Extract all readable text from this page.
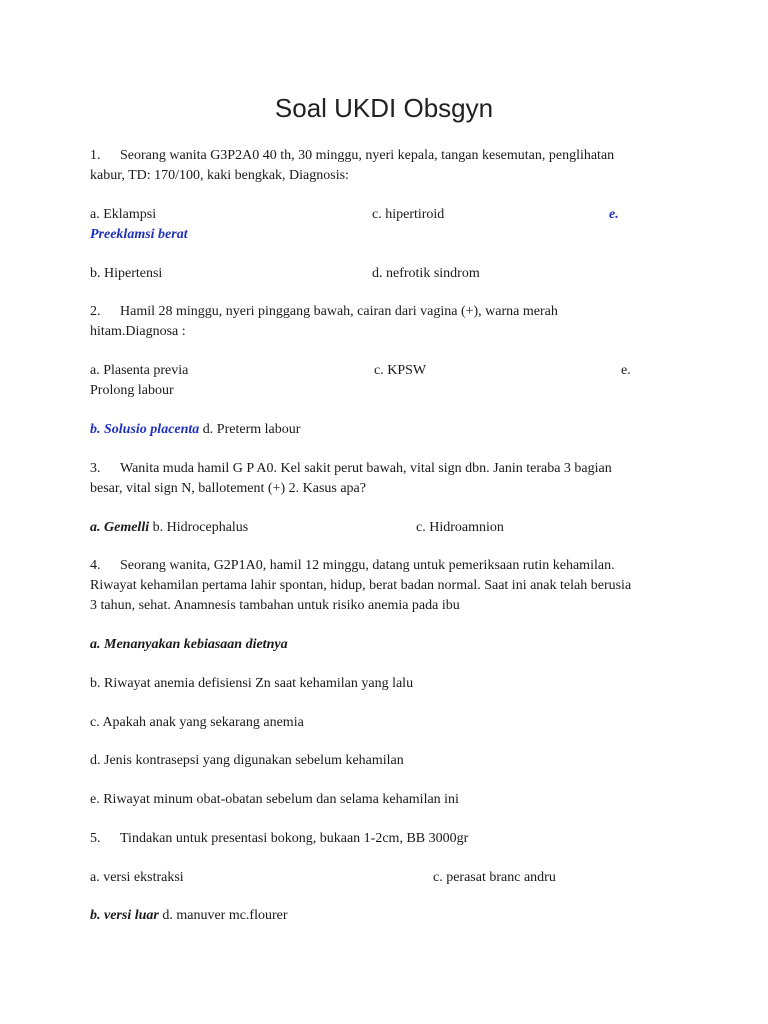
Soal UKDI Obsgyn
1. Seorang wanita G3P2A0 40 th, 30 minggu, nyeri kepala, tangan kesemutan, penglihatan
kabur, TD: 170/100, kaki bengkak, Diagnosis:
a. Eklampsi	c. hipertiroid	e.
Preeklamsi berat
b. Hipertensi	d. nefrotik sindrom
2. Hamil 28 minggu, nyeri pinggang bawah, cairan dari vagina (+), warna merah
hitam.Diagnosa :
a. Plasenta previa	c. KPSW	e.
Prolong labour
b. Solusio placenta d. Preterm labour
3. Wanita muda hamil G P A0. Kel sakit perut bawah, vital sign dbn. Janin teraba 3 bagian
besar, vital sign N, ballotement (+) 2. Kasus apa?
a. Gemelli b. Hidrocephalus	c. Hidroamnion
4. Seorang wanita, G2P1A0, hamil 12 minggu, datang untuk pemeriksaan rutin kehamilan.
Riwayat kehamilan pertama lahir spontan, hidup, berat badan normal. Saat ini anak telah berusia
3 tahun, sehat. Anamnesis tambahan untuk risiko anemia pada ibu
a. Menanyakan kebiasaan dietnya
b. Riwayat anemia defisiensi Zn saat kehamilan yang lalu
c. Apakah anak yang sekarang anemia
d. Jenis kontrasepsi yang digunakan sebelum kehamilan
e. Riwayat minum obat-obatan sebelum dan selama kehamilan ini
5. Tindakan untuk presentasi bokong, bukaan 1-2cm, BB 3000gr
a. versi ekstraksi	c. perasat branc andru
b. versi luar d. manuver mc.flourer
